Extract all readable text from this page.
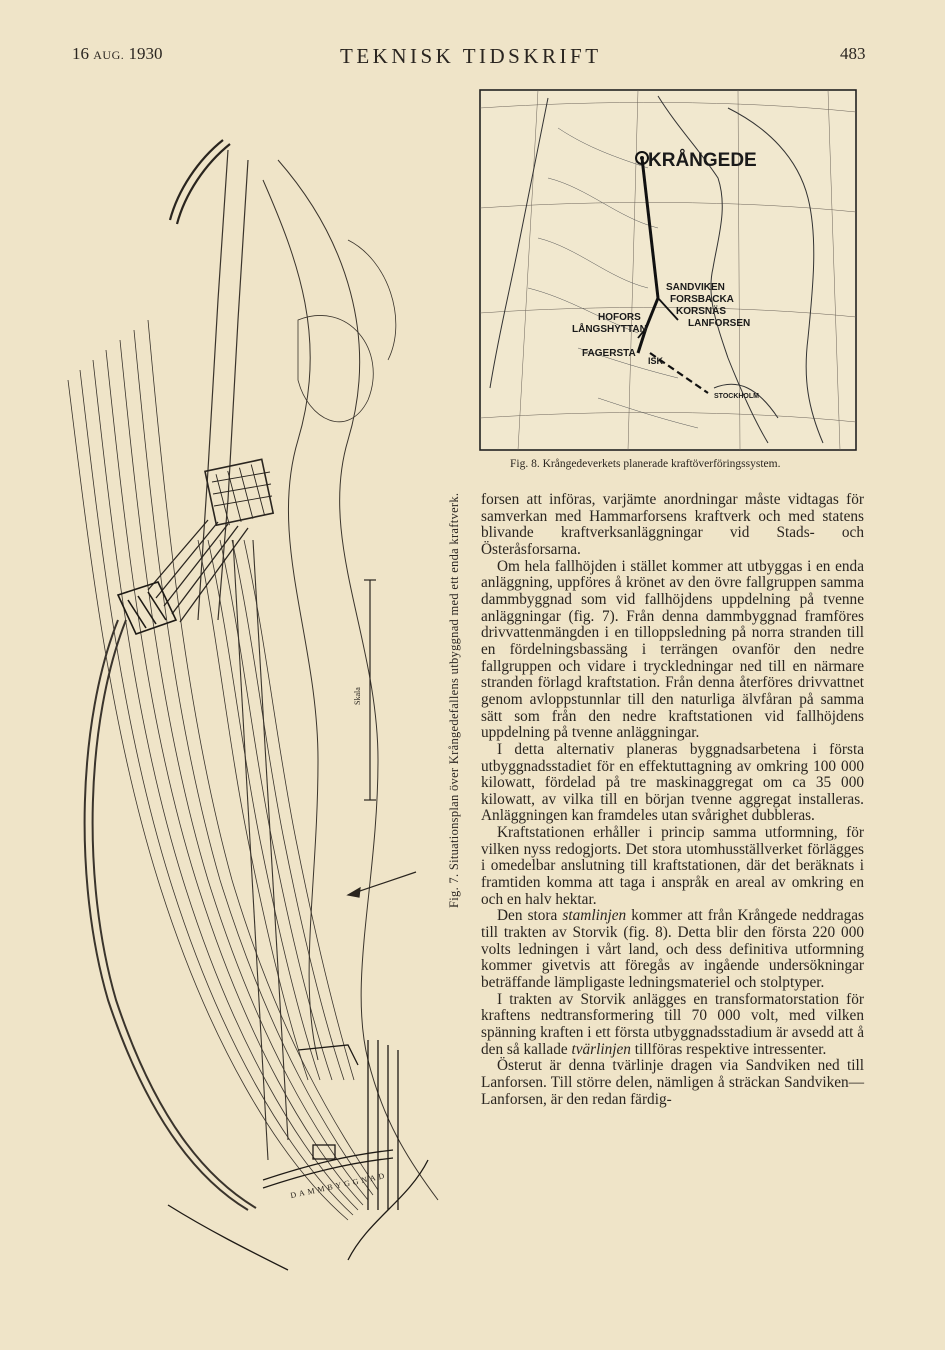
16 AUG. 1930	TEKNISK TIDSKRIFT	483
Skala
DAMMBYGGNAD
Fig. 7. Situationsplan över Krångedefallens utbyggnad med ett enda kraftverk.
KRÅNGEDE
SANDVIKEN
FORSBACKA
KORSNÄS
LANFORSEN
HOFORS
LÅNGSHYTTAN
FAGERSTA
ISK
STOCKHOLM
Fig. 8. Krångedeverkets planerade kraftöverföringssystem.

forsen att införas, varjämte anordningar måste vidtagas för samverkan med Hammarforsens kraftverk och med statens blivande kraftverksanläggningar vid Stads- och Österåsforsarna.

Om hela fallhöjden i stället kommer att utbyggas i en enda anläggning, uppföres å krönet av den övre fallgruppen samma dammbyggnad som vid fallhöjdens uppdelning på tvenne anläggningar (fig. 7). Från denna dammbyggnad framföres drivvattenmängden i en tilloppsledning på norra stranden till en fördelningsbassäng i terrängen ovanför den nedre fallgruppen och vidare i tryckledningar ned till en närmare stranden förlagd kraftstation. Från denna återföres drivvattnet genom avloppstunnlar till den naturliga älvfåran på samma sätt som från den nedre kraftstationen vid fallhöjdens uppdelning på tvenne anläggningar.

I detta alternativ planeras byggnadsarbetena i första utbyggnadsstadiet för en effektuttagning av omkring 100 000 kilowatt, fördelad på tre maskinaggregat om ca 35 000 kilowatt, av vilka till en början tvenne aggregat installeras. Anläggningen kan framdeles utan svårighet dubbleras.

Kraftstationen erhåller i princip samma utformning, för vilken nyss redogjorts. Det stora utomhusställverket förlägges i omedelbar anslutning till kraftstationen, där det beräknats i framtiden komma att taga i anspråk en areal av omkring en och en halv hektar.

Den stora stamlinjen kommer att från Krångede neddragas till trakten av Storvik (fig. 8). Detta blir den första 220 000 volts ledningen i vårt land, och dess definitiva utformning kommer givetvis att föregås av ingående undersökningar beträffande lämpligaste ledningsmateriel och stolptyper.

I trakten av Storvik anlägges en transformatorstation för kraftens nedtransformering till 70 000 volt, med vilken spänning kraften i ett första utbyggnadsstadium är avsedd att å den så kallade tvärlinjen tillföras respektive intressenter.

Österut är denna tvärlinje dragen via Sandviken ned till Lanforsen. Till större delen, nämligen å sträckan Sandviken—Lanforsen, är den redan färdig-
